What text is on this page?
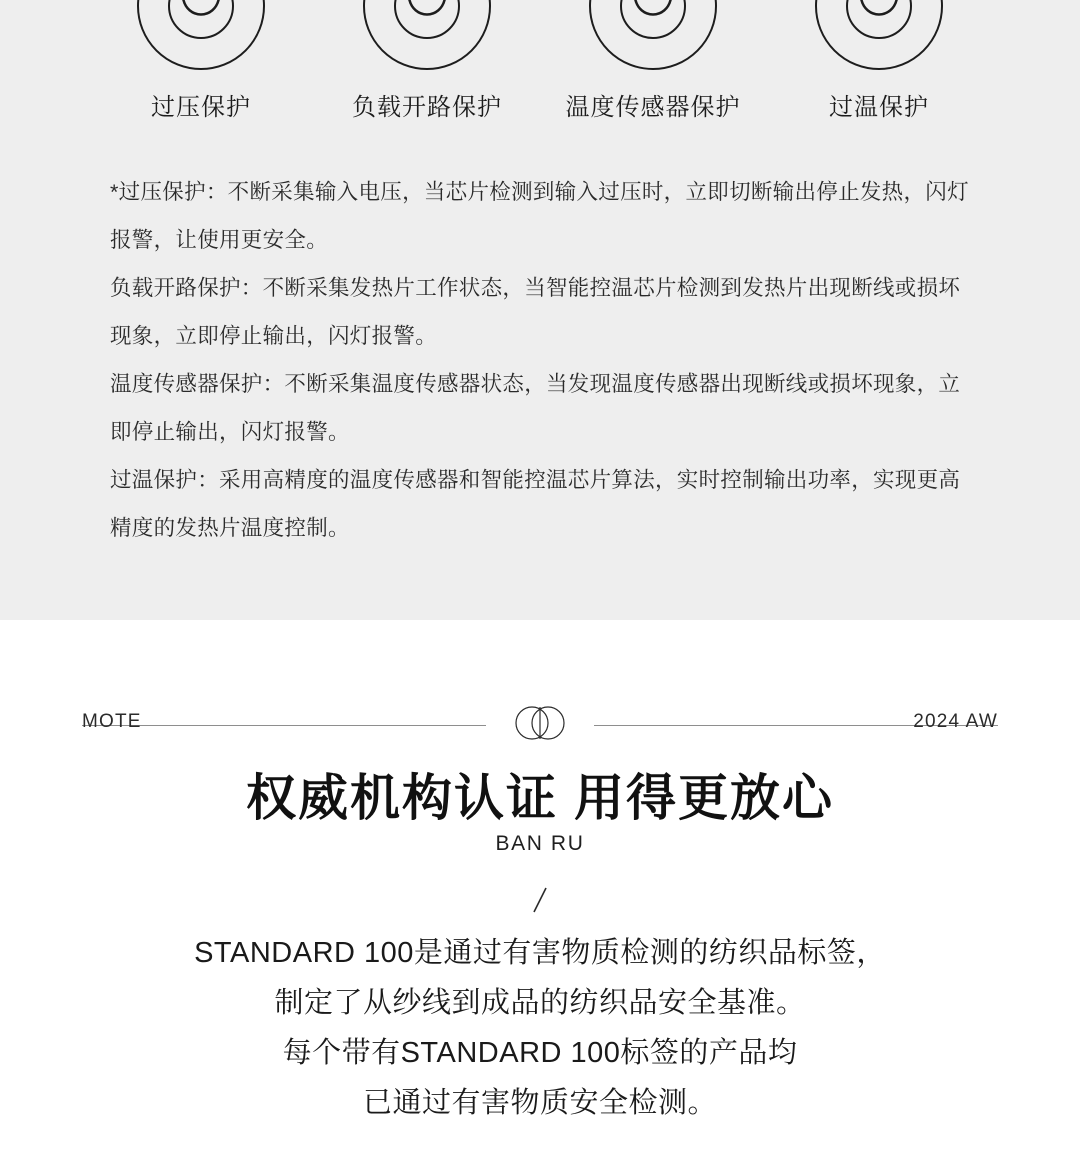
过压保护	负载开路保护	温度传感器保护	过温保护
*过压保护：不断采集输入电压，当芯片检测到输入过压时，立即切断输出停止发热，闪灯报警，让使用更安全。
负载开路保护：不断采集发热片工作状态，当智能控温芯片检测到发热片出现断线或损坏现象，立即停止输出，闪灯报警。
温度传感器保护：不断采集温度传感器状态，当发现温度传感器出现断线或损坏现象，立即停止输出，闪灯报警。
过温保护：采用高精度的温度传感器和智能控温芯片算法，实时控制输出功率，实现更高精度的发热片温度控制。
MOTE	2024 AW
权威机构认证 用得更放心
BAN RU
STANDARD 100是通过有害物质检测的纺织品标签，
制定了从纱线到成品的纺织品安全基准。
每个带有STANDARD 100标签的产品均
已通过有害物质安全检测。
